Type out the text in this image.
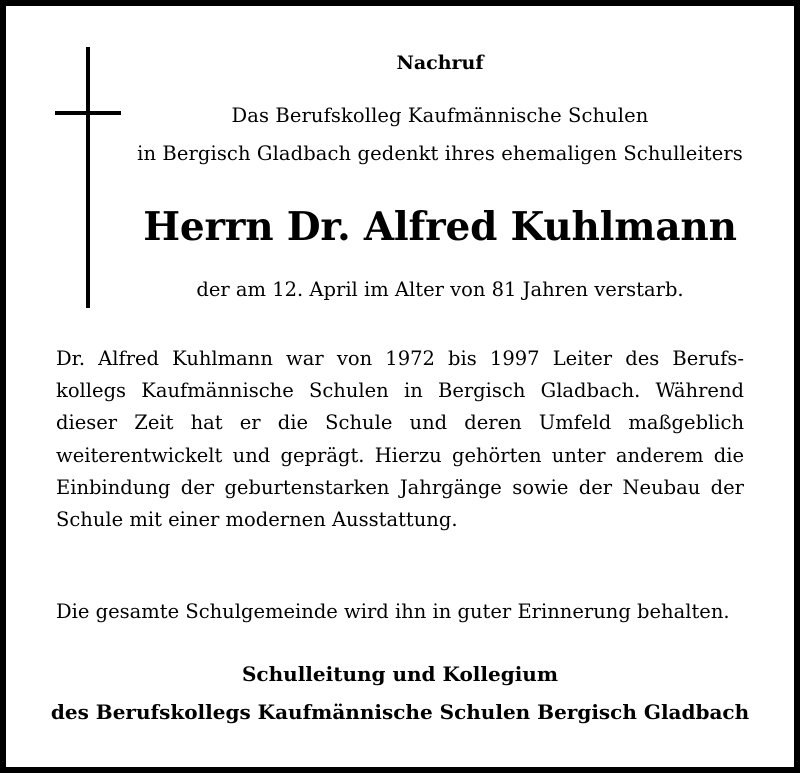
Nachruf

Das Berufskolleg Kaufmännische Schulen

in Bergisch Gladbach gedenkt ihres ehemaligen Schulleiters

Herrn Dr. Alfred Kuhlmann

der am 12. April im Alter von 81 Jahren verstarb.

Dr. Alfred Kuhlmann war von 1972 bis 1997 Leiter des Berufs-
kollegs Kaufmännische Schulen in Bergisch Gladbach. Während
dieser Zeit hat er die Schule und deren Umfeld maßgeblich
weiterentwickelt und geprägt. Hierzu gehörten unter anderem die
Einbindung der geburtenstarken Jahrgänge sowie der Neubau der
Schule mit einer modernen Ausstattung.

Die gesamte Schulgemeinde wird ihn in guter Erinnerung behalten.

Schulleitung und Kollegium

des Berufskollegs Kaufmännische Schulen Bergisch Gladbach
